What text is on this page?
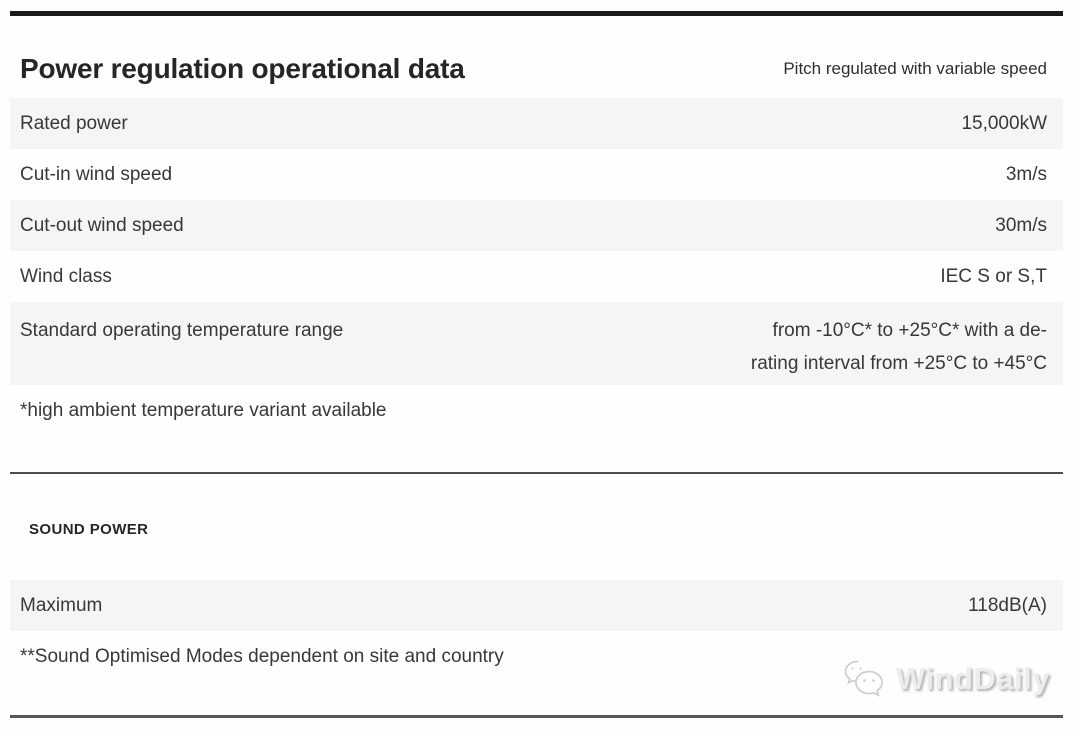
Power regulation operational data	Pitch regulated with variable speed
Rated power	15,000kW
Cut-in wind speed	3m/s
Cut-out wind speed	30m/s
Wind class	IEC S or S,T
Standard operating temperature range	from -10°C* to +25°C* with a de-
rating interval from +25°C to +45°C
*high ambient temperature variant available
SOUND POWER
Maximum	118dB(A)
**Sound Optimised Modes dependent on site and country
WindDaily
